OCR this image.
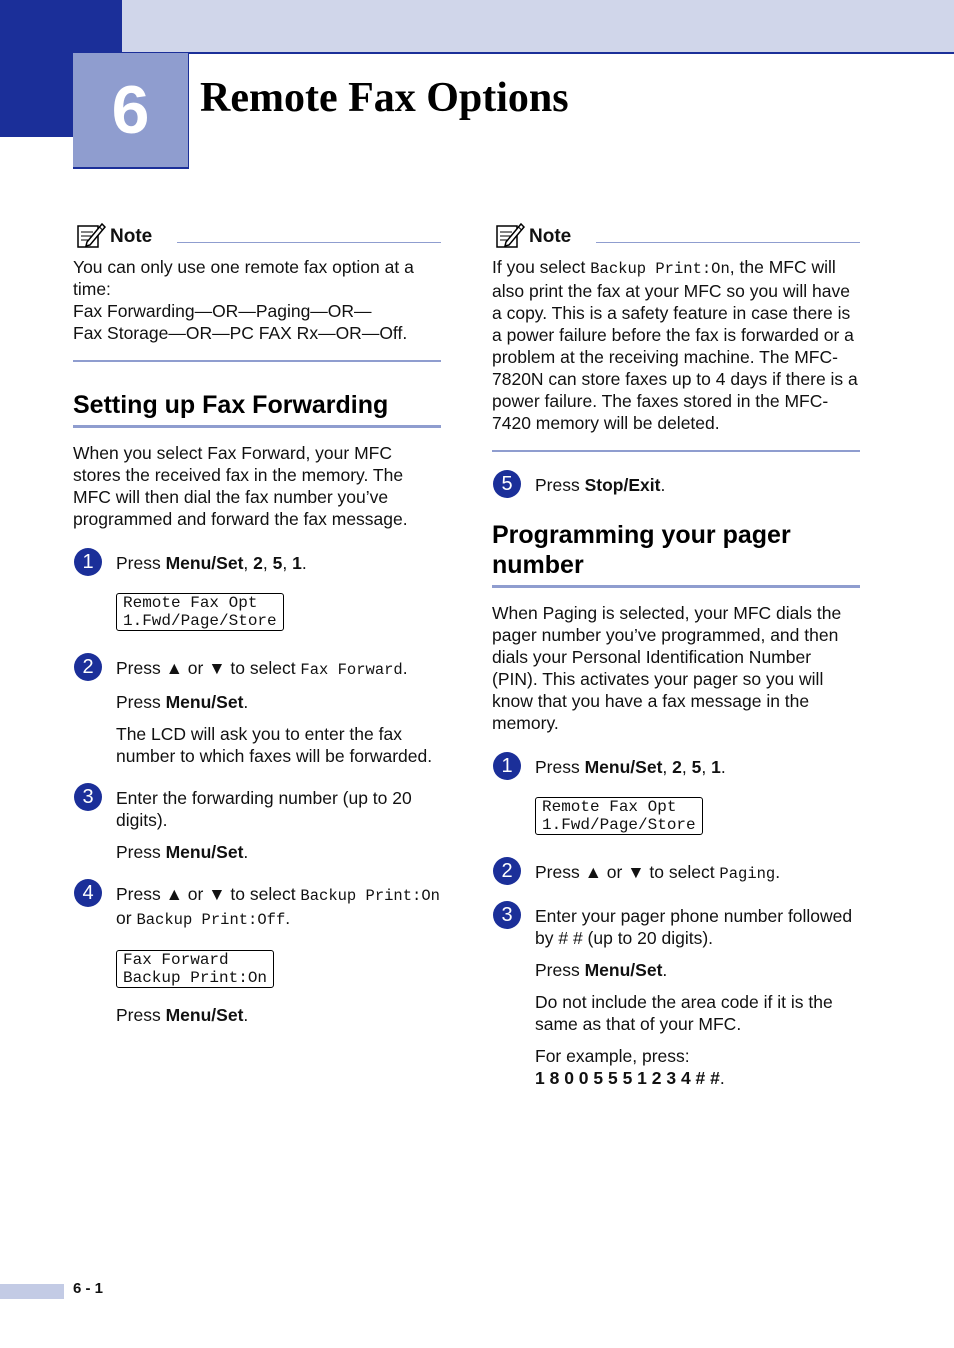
6	Remote Fax Options
Note

You can only use one remote fax option at a time:

Fax Forwarding—OR—Paging—OR—

Fax Storage—OR—PC FAX Rx—OR—Off.

Setting up Fax Forwarding

When you select Fax Forward, your MFC stores the received fax in the memory. The MFC will then dial the fax number you’ve programmed and forward the fax message.

1	Press Menu/Set, 2, 5, 1.

Remote Fax Opt
1.Fwd/Page/Store
2	Press ▲ or ▼ to select Fax Forward.

Press Menu/Set.

The LCD will ask you to enter the fax number to which faxes will be forwarded.

3	Enter the forwarding number (up to 20 digits).

Press Menu/Set.

4	Press ▲ or ▼ to select Backup Print:On or Backup Print:Off.

Fax Forward
Backup Print:On

Press Menu/Set.

Note

If you select Backup Print:On, the MFC will also print the fax at your MFC so you will have a copy. This is a safety feature in case there is a power failure before the fax is forwarded or a problem at the receiving machine. The MFC-7820N can store faxes up to 4 days if there is a power failure. The faxes stored in the MFC-7420 memory will be deleted.

5	Press Stop/Exit.

Programming your pager number

When Paging is selected, your MFC dials the pager number you’ve programmed, and then dials your Personal Identification Number (PIN). This activates your pager so you will know that you have a fax message in the memory.

1	Press Menu/Set, 2, 5, 1.

Remote Fax Opt
1.Fwd/Page/Store
2	Press ▲ or ▼ to select Paging.

3	Enter your pager phone number followed by # # (up to 20 digits).

Press Menu/Set.

Do not include the area code if it is the same as that of your MFC.

For example, press:
1 8 0 0 5 5 5 1 2 3 4 # #.

6 - 1
